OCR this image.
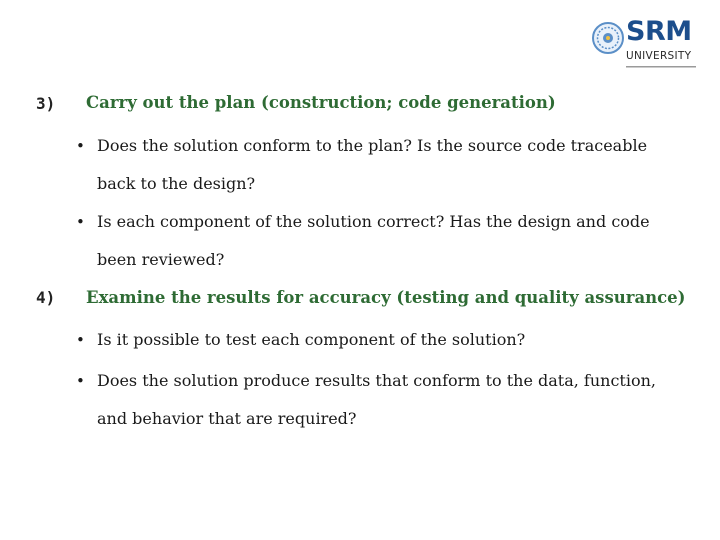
SRM
UNIVERSITY
3) Carry out the plan (construction; code generation)
• Does the solution conform to the plan? Is the source code traceable back to the design?
• Is each component of the solution correct? Has the design and code been reviewed?
4) Examine the results for accuracy (testing and quality assurance)
• Is it possible to test each component of the solution?
• Does the solution produce results that conform to the data, function, and behavior that are required?
